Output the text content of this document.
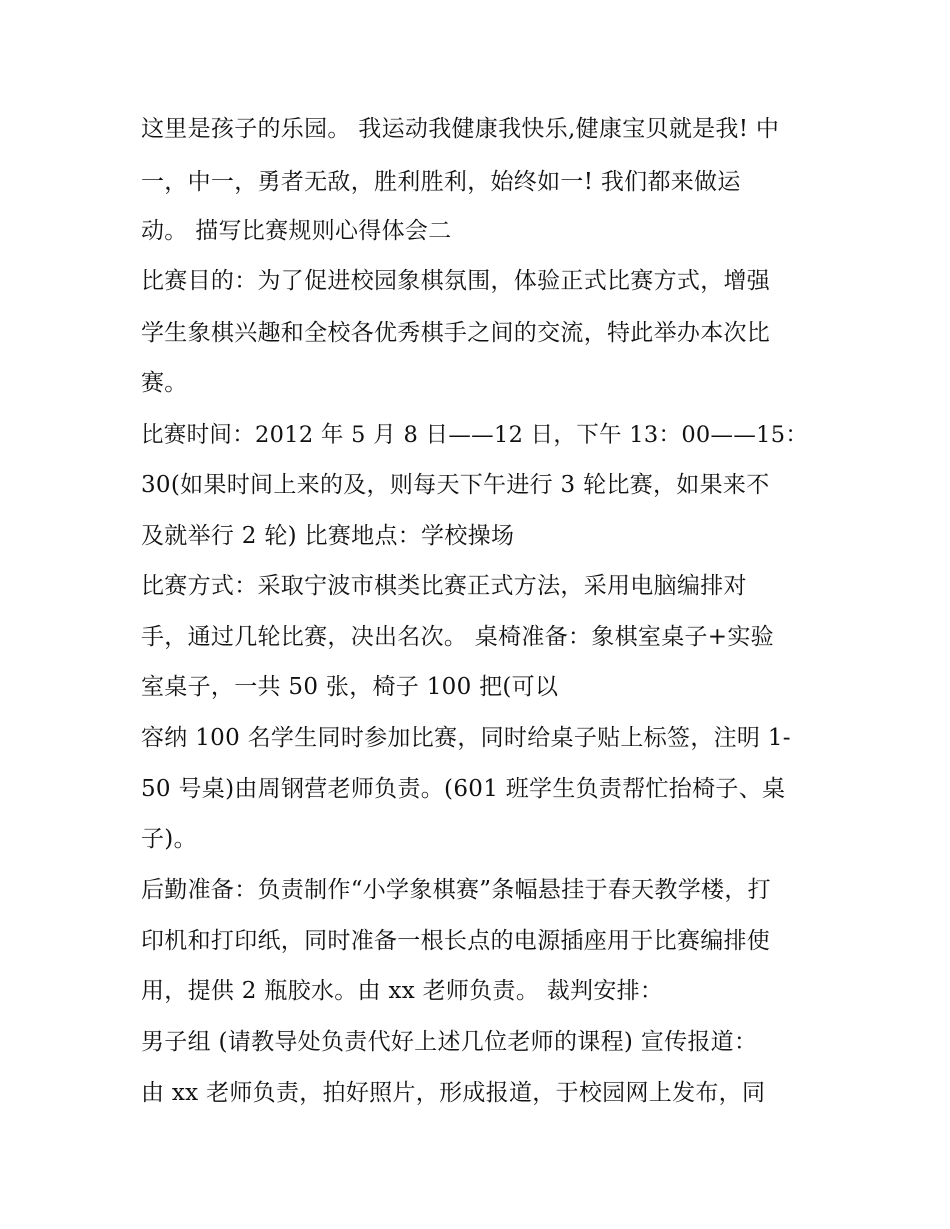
这里是孩子的乐园。 我运动我健康我快乐,健康宝贝就是我! 中

一，中一，勇者无敌，胜利胜利，始终如一! 我们都来做运

动。 描写比赛规则心得体会二

比赛目的：为了促进校园象棋氛围，体验正式比赛方式，增强

学生象棋兴趣和全校各优秀棋手之间的交流，特此举办本次比

赛。

比赛时间：2012 年 5 月 8 日——12 日，下午 13：00——15：

30(如果时间上来的及，则每天下午进行 3 轮比赛，如果来不

及就举行 2 轮) 比赛地点：学校操场

比赛方式：采取宁波市棋类比赛正式方法，采用电脑编排对

手，通过几轮比赛，决出名次。 桌椅准备：象棋室桌子+实验

室桌子，一共 50 张，椅子 100 把(可以

容纳 100 名学生同时参加比赛，同时给桌子贴上标签，注明 1-

50 号桌)由周钢营老师负责。(601 班学生负责帮忙抬椅子、桌

子)。

后勤准备：负责制作“小学象棋赛”条幅悬挂于春天教学楼，打

印机和打印纸，同时准备一根长点的电源插座用于比赛编排使

用，提供 2 瓶胶水。由 xx 老师负责。 裁判安排：

男子组 (请教导处负责代好上述几位老师的课程) 宣传报道：

由 xx 老师负责，拍好照片，形成报道，于校园网上发布，同
